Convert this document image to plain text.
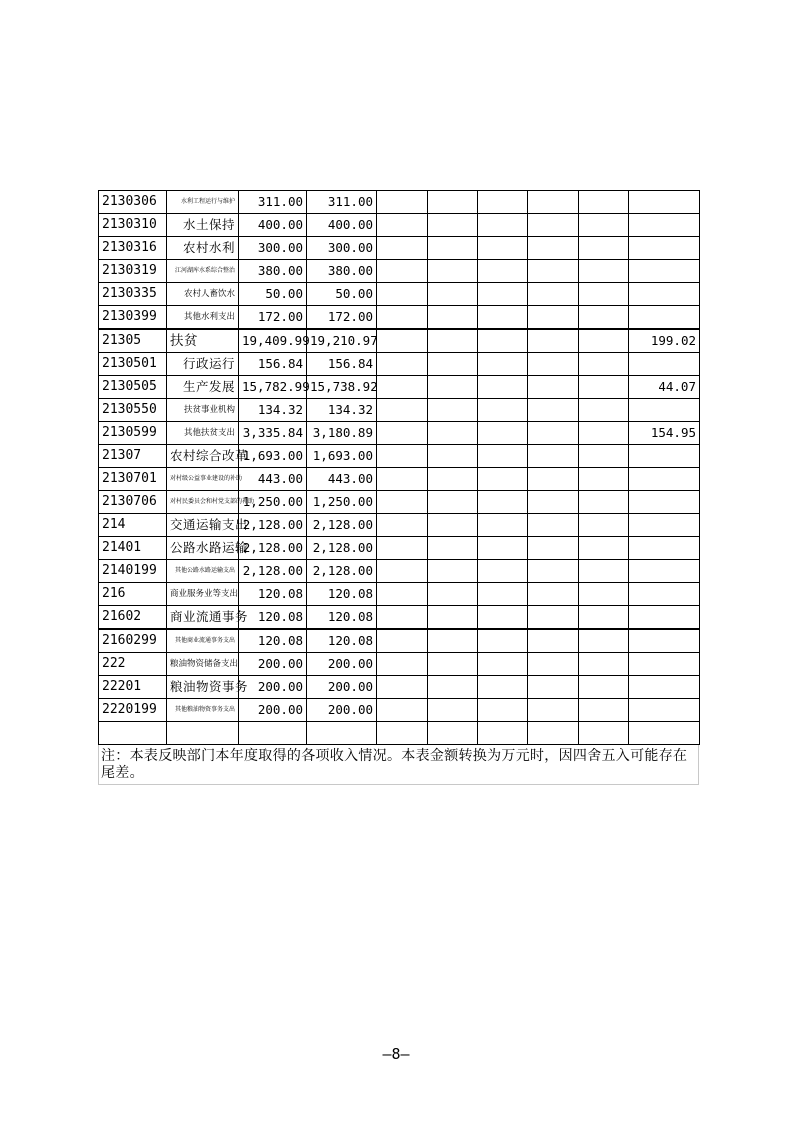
2130306	水利工程运行与维护	311.00	311.00						
2130310	水土保持	400.00	400.00						
2130316	农村水利	300.00	300.00						
2130319	江河湖库水系综合整治	380.00	380.00						
2130335	农村人畜饮水	50.00	50.00						
2130399	其他水利支出	172.00	172.00						
21305	扶贫	19,409.99	19,210.97						199.02
2130501	行政运行	156.84	156.84						
2130505	生产发展	15,782.99	15,738.92						44.07
2130550	扶贫事业机构	134.32	134.32						
2130599	其他扶贫支出	3,335.84	3,180.89						154.95
21307	农村综合改革	1,693.00	1,693.00						
2130701	对村级公益事业建设的补助	443.00	443.00						
2130706	对村民委员会和村党支部的补助	1,250.00	1,250.00						
214	交通运输支出	2,128.00	2,128.00						
21401	公路水路运输	2,128.00	2,128.00						
2140199	其他公路水路运输支出	2,128.00	2,128.00						
216	商业服务业等支出	120.08	120.08						
21602	商业流通事务	120.08	120.08						
2160299	其他商业流通事务支出	120.08	120.08						
222	粮油物资储备支出	200.00	200.00						
22201	粮油物资事务	200.00	200.00						
2220199	其他粮油物资事务支出	200.00	200.00						

注：本表反映部门本年度取得的各项收入情况。本表金额转换为万元时，因四舍五入可能存在尾差。
—8—
